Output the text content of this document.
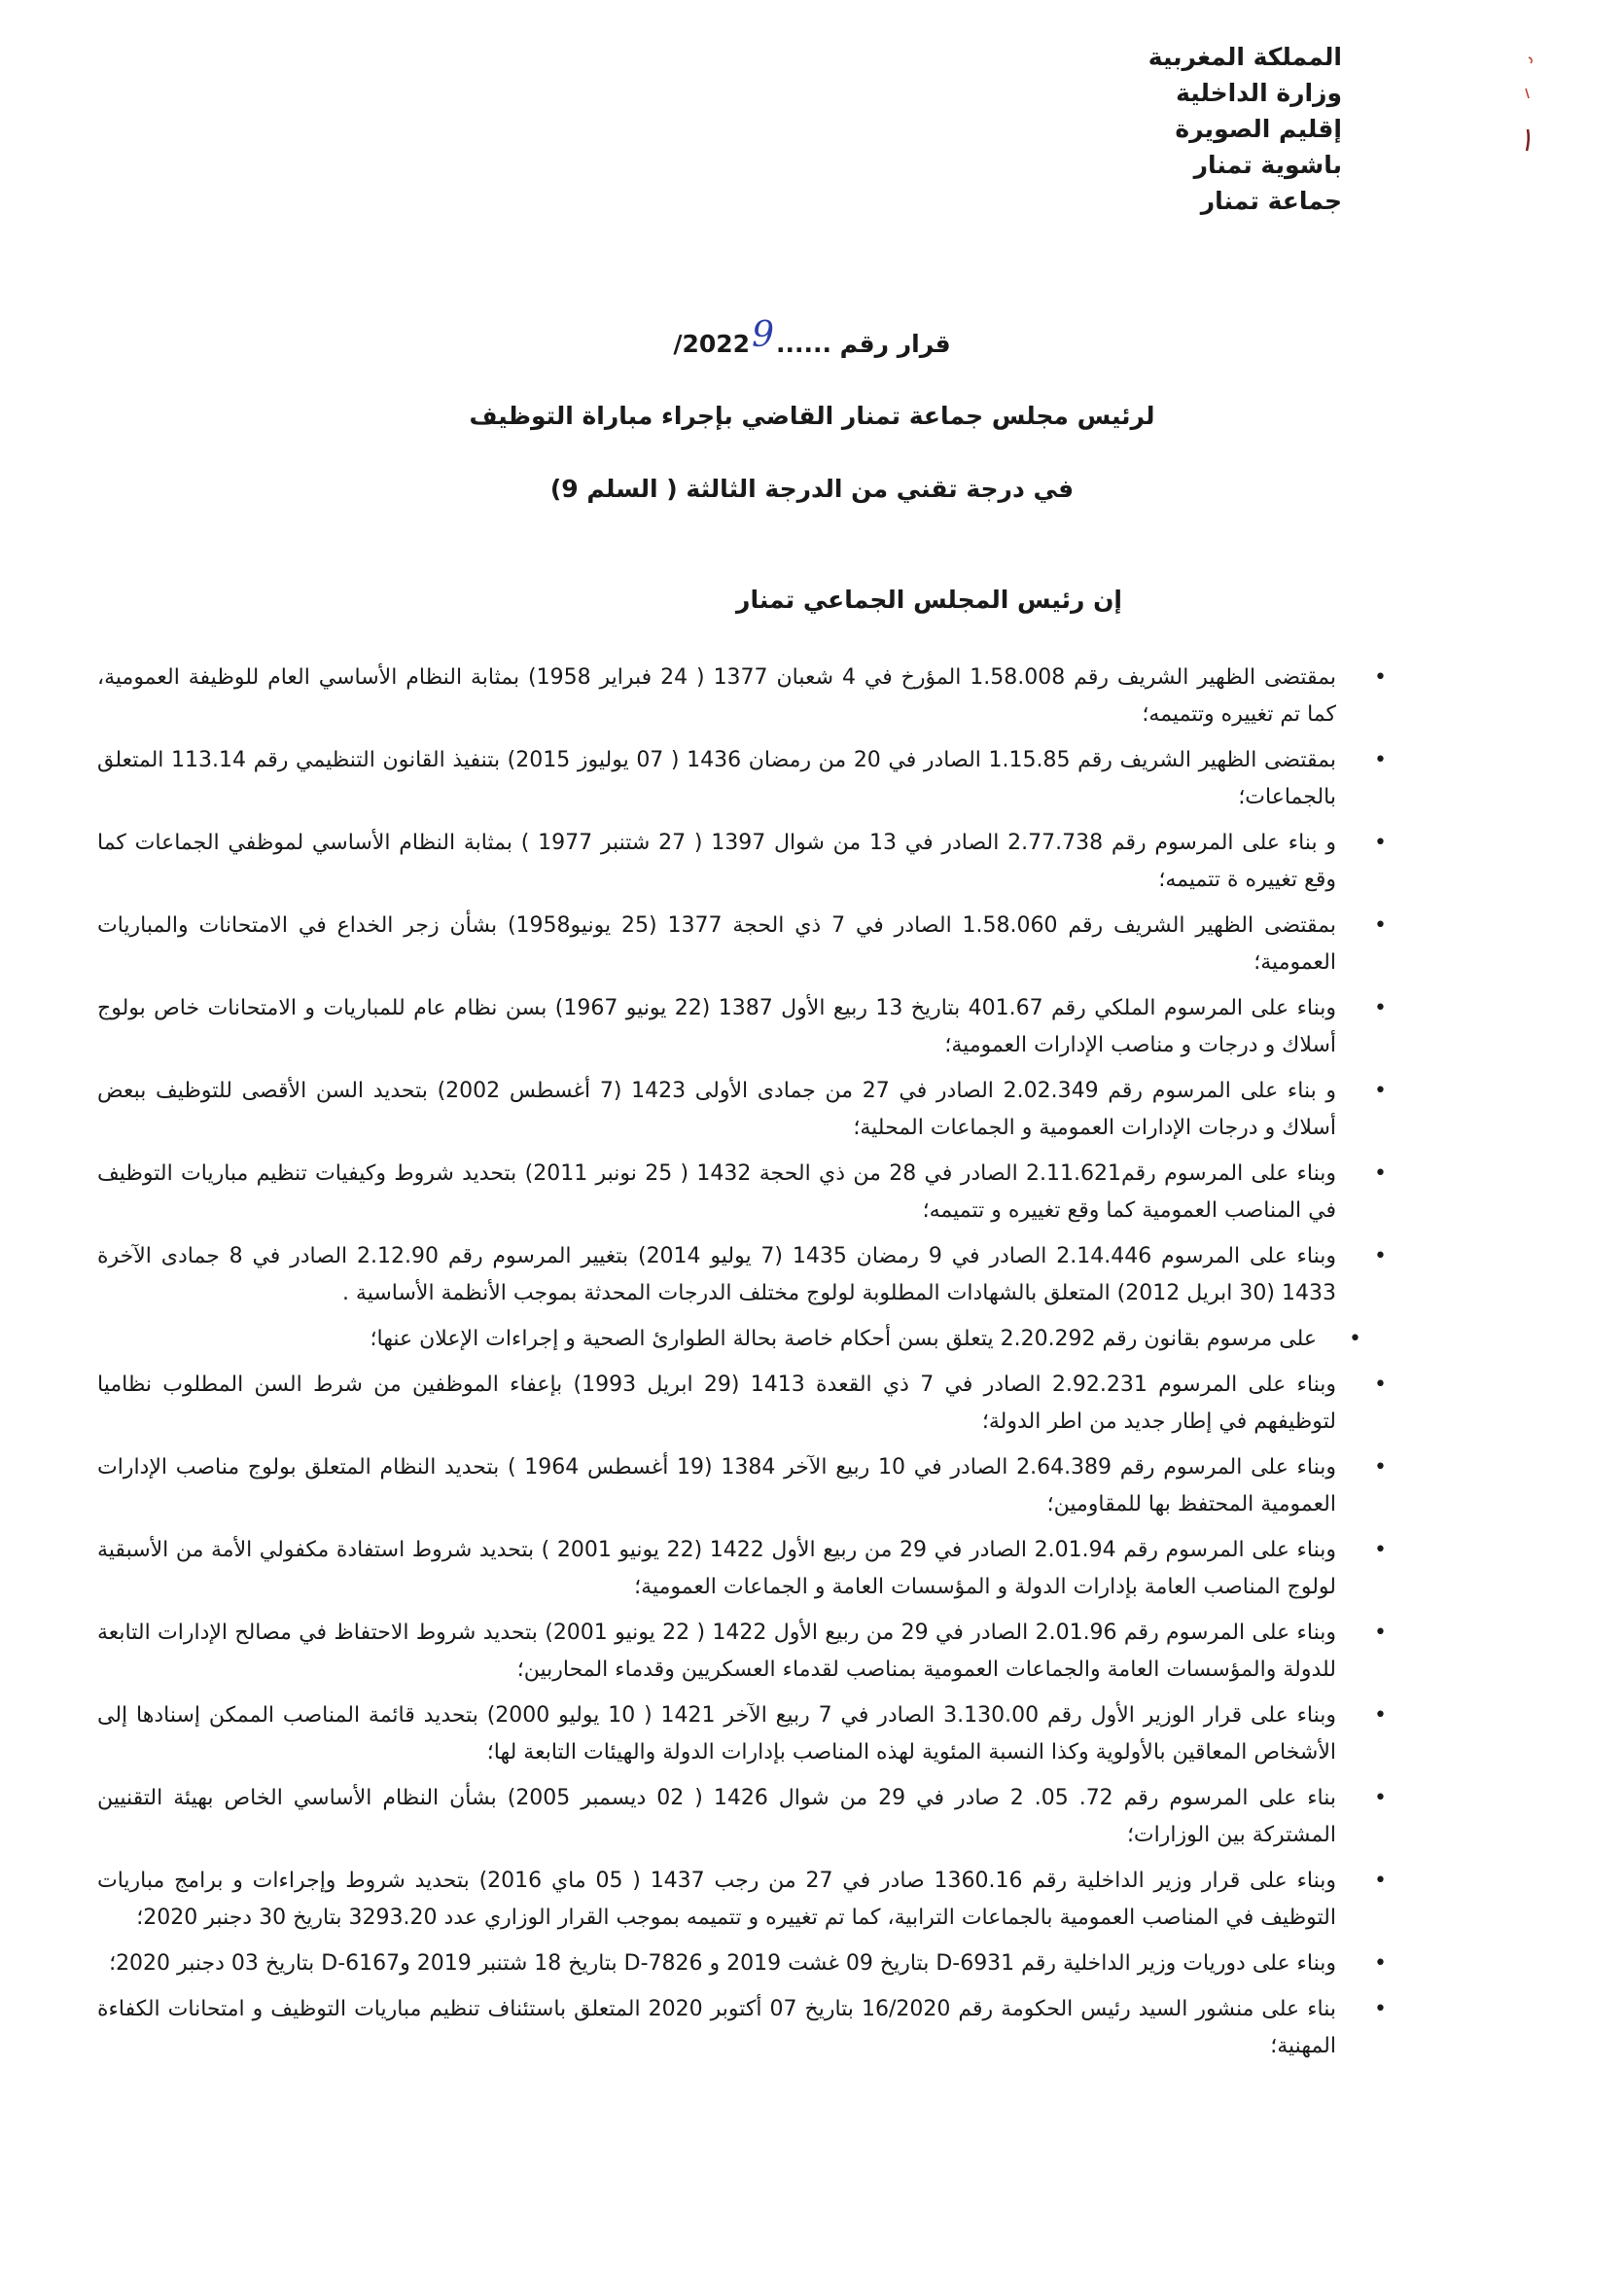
المملكة المغربية
وزارة الداخلية
إقليم الصويرة
باشوية تمنار
جماعة تمنار
قرار رقم ......92022/
لرئيس مجلس جماعة تمنار القاضي بإجراء مباراة التوظيف
في درجة تقني من الدرجة الثالثة ( السلم 9)
إن رئيس المجلس الجماعي تمنار
•
بمقتضى الظهير الشريف رقم 1.58.008 المؤرخ في 4 شعبان 1377 ( 24 فبراير 1958) بمثابة النظام الأساسي العام للوظيفة العمومية، كما تم تغييره وتتميمه؛
•
بمقتضى الظهير الشريف رقم 1.15.85 الصادر في 20 من رمضان 1436 ( 07 يوليوز 2015) بتنفيذ القانون التنظيمي رقم 113.14 المتعلق بالجماعات؛
•
و بناء على المرسوم رقم 2.77.738 الصادر في 13 من شوال 1397 ( 27 شتنبر 1977 ) بمثابة النظام الأساسي لموظفي الجماعات كما وقع تغييره ة تتميمه؛
•
بمقتضى الظهير الشريف رقم 1.58.060 الصادر في 7 ذي الحجة 1377 (25 يونيو1958) بشأن زجر الخداع في الامتحانات والمباريات العمومية؛
•
وبناء على المرسوم الملكي رقم 401.67 بتاريخ 13 ربيع الأول 1387 (22 يونيو 1967) بسن نظام عام للمباريات و الامتحانات خاص بولوج أسلاك و درجات و مناصب الإدارات العمومية؛
•
و بناء على المرسوم رقم 2.02.349 الصادر في 27 من جمادى الأولى 1423 (7 أغسطس 2002) بتحديد السن الأقصى للتوظيف ببعض أسلاك و درجات الإدارات العمومية و الجماعات المحلية؛
•
وبناء على المرسوم رقم2.11.621 الصادر في 28 من ذي الحجة 1432 ( 25 نونبر 2011) بتحديد شروط وكيفيات تنظيم مباريات التوظيف في المناصب العمومية كما وقع تغييره و تتميمه؛
•
وبناء على المرسوم 2.14.446 الصادر في 9 رمضان 1435 (7 يوليو 2014) بتغيير المرسوم رقم 2.12.90 الصادر في 8 جمادى الآخرة 1433 (30 ابريل 2012) المتعلق بالشهادات المطلوبة لولوج مختلف الدرجات المحدثة بموجب الأنظمة الأساسية .
•
على مرسوم بقانون رقم 2.20.292 يتعلق بسن أحكام خاصة بحالة الطوارئ الصحية و إجراءات الإعلان عنها؛
•
وبناء على المرسوم 2.92.231 الصادر في 7 ذي القعدة 1413 (29 ابريل 1993) بإعفاء الموظفين من شرط السن المطلوب نظاميا لتوظيفهم في إطار جديد من اطر الدولة؛
•
وبناء على المرسوم رقم 2.64.389 الصادر في 10 ربيع الآخر 1384 (19 أغسطس 1964 ) بتحديد النظام المتعلق بولوج مناصب الإدارات العمومية المحتفظ بها للمقاومين؛
•
وبناء على المرسوم رقم 2.01.94 الصادر في 29 من ربيع الأول 1422 (22 يونيو 2001 ) بتحديد شروط استفادة مكفولي الأمة من الأسبقية لولوج المناصب العامة بإدارات الدولة و المؤسسات العامة و الجماعات العمومية؛
•
وبناء على المرسوم رقم 2.01.96 الصادر في 29 من ربيع الأول 1422 ( 22 يونيو 2001) بتحديد شروط الاحتفاظ في مصالح الإدارات التابعة للدولة والمؤسسات العامة والجماعات العمومية بمناصب لقدماء العسكريين وقدماء المحاربين؛
•
وبناء على قرار الوزير الأول رقم 3.130.00 الصادر في 7 ربيع الآخر 1421 ( 10 يوليو 2000) بتحديد قائمة المناصب الممكن إسنادها إلى الأشخاص المعاقين بالأولوية وكذا النسبة المئوية لهذه المناصب بإدارات الدولة والهيئات التابعة لها؛
•
بناء على المرسوم رقم 72. 05. 2 صادر في 29 من شوال 1426 ( 02 ديسمبر 2005) بشأن النظام الأساسي الخاص بهيئة التقنيين المشتركة بين الوزارات؛
•
وبناء على قرار وزير الداخلية رقم 1360.16 صادر في 27 من رجب 1437 ( 05 ماي 2016) بتحديد شروط وإجراءات و برامج مباريات التوظيف في المناصب العمومية بالجماعات الترابية، كما تم تغييره و تتميمه بموجب القرار الوزاري عدد 3293.20 بتاريخ 30 دجنبر 2020؛
•
وبناء على دوريات وزير الداخلية رقم D-6931 بتاريخ 09 غشت 2019 و D-7826 بتاريخ 18 شتنبر 2019 وD-6167 بتاريخ 03 دجنبر 2020؛
•
بناء على منشور السيد رئيس الحكومة رقم 16/2020 بتاريخ 07 أكتوبر 2020 المتعلق باستئناف تنظيم مباريات التوظيف و امتحانات الكفاءة المهنية؛
